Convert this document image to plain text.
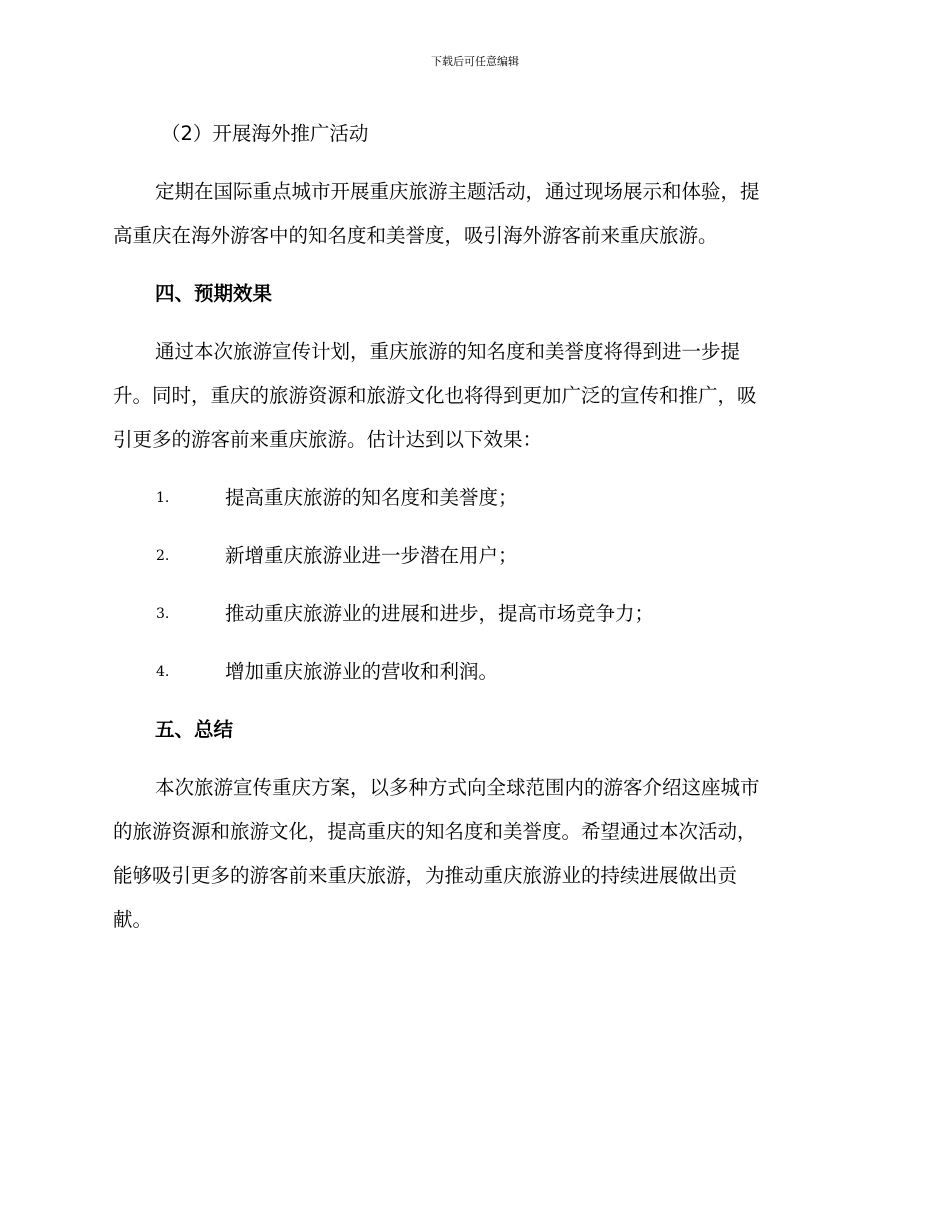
下载后可任意编辑
（2）开展海外推广活动
定期在国际重点城市开展重庆旅游主题活动，通过现场展示和体验，提
高重庆在海外游客中的知名度和美誉度，吸引海外游客前来重庆旅游。
四、预期效果
通过本次旅游宣传计划，重庆旅游的知名度和美誉度将得到进一步提
升。同时，重庆的旅游资源和旅游文化也将得到更加广泛的宣传和推广，吸
引更多的游客前来重庆旅游。估计达到以下效果：
1.	提高重庆旅游的知名度和美誉度；
2.	新增重庆旅游业进一步潜在用户；
3.	推动重庆旅游业的进展和进步，提高市场竞争力；
4.	增加重庆旅游业的营收和利润。
五、总结
本次旅游宣传重庆方案，以多种方式向全球范围内的游客介绍这座城市
的旅游资源和旅游文化，提高重庆的知名度和美誉度。希望通过本次活动，
能够吸引更多的游客前来重庆旅游，为推动重庆旅游业的持续进展做出贡
献。
